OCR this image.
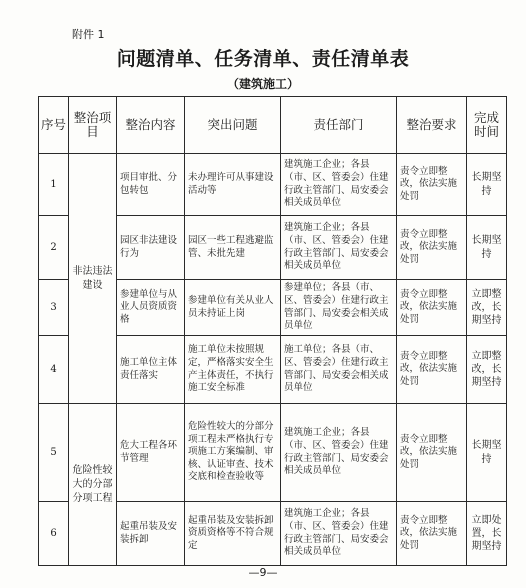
附件 1
问题清单、任务清单、责任清单表
（建筑施工）
序号	整治项目	整治内容	突出问题	责任部门	整治要求	完成时间
1	非法违法建设	项目审批、分包转包	未办理许可从事建设活动等	建筑施工企业；各县（市、区、管委会）住建行政主管部门、局安委会相关成员单位	责令立即整改，依法实施处罚	长期坚持
2		园区非法建设行为	园区一些工程逃避监管、未批先建	建筑施工企业；各县（市、区、管委会）住建行政主管部门、局安委会相关成员单位	责令立即整改，依法实施处罚	长期坚持
3		参建单位与从业人员资质资格	参建单位有关从业人员未持证上岗	参建单位；各县（市、区、管委会）住建行政主管部门、局安委会相关成员单位	责令立即整改，依法实施处罚	立即整改，长期坚持
4		施工单位主体责任落实	施工单位未按照规定，严格落实安全生产主体责任，不执行施工安全标准	施工单位；各县（市、区、管委会）住建行政主管部门、局安委会相关成员单位	责令立即整改，依法实施处罚	立即整改，长期坚持
5	危险性较大的分部分项工程	危大工程各环节管理	危险性较大的分部分项工程未严格执行专项施工方案编制、审核、认证审查、技术交底和检查验收等	建筑施工企业；各县（市、区、管委会）住建行政主管部门、局安委会相关成员单位	责令立即整改，依法实施处罚	长期坚持
6		起重吊装及安装拆卸	起重吊装及安装拆卸资质资格等不符合规定	建筑施工企业；各县（市、区、管委会）住建行政主管部门、局安委会相关成员单位	责令立即整改，依法实施处罚	立即处置，长期坚持
—9—
